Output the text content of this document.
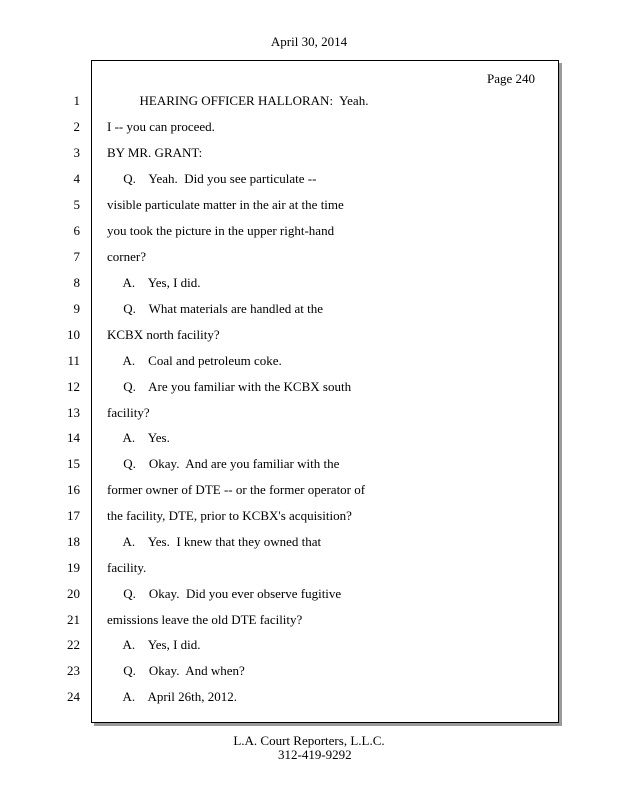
April 30, 2014
Page 240
1 HEARING OFFICER HALLORAN:  Yeah.
2 I -- you can proceed.
3 BY MR. GRANT:
4 Q.    Yeah.  Did you see particulate --
5 visible particulate matter in the air at the time
6 you took the picture in the upper right-hand
7 corner?
8 A.    Yes, I did.
9 Q.    What materials are handled at the
10 KCBX north facility?
11 A.    Coal and petroleum coke.
12 Q.    Are you familiar with the KCBX south
13 facility?
14 A.    Yes.
15 Q.    Okay.  And are you familiar with the
16 former owner of DTE -- or the former operator of
17 the facility, DTE, prior to KCBX's acquisition?
18 A.    Yes.  I knew that they owned that
19 facility.
20 Q.    Okay.  Did you ever observe fugitive
21 emissions leave the old DTE facility?
22 A.    Yes, I did.
23 Q.    Okay.  And when?
24 A.    April 26th, 2012.
L.A. Court Reporters, L.L.C.
312-419-9292
